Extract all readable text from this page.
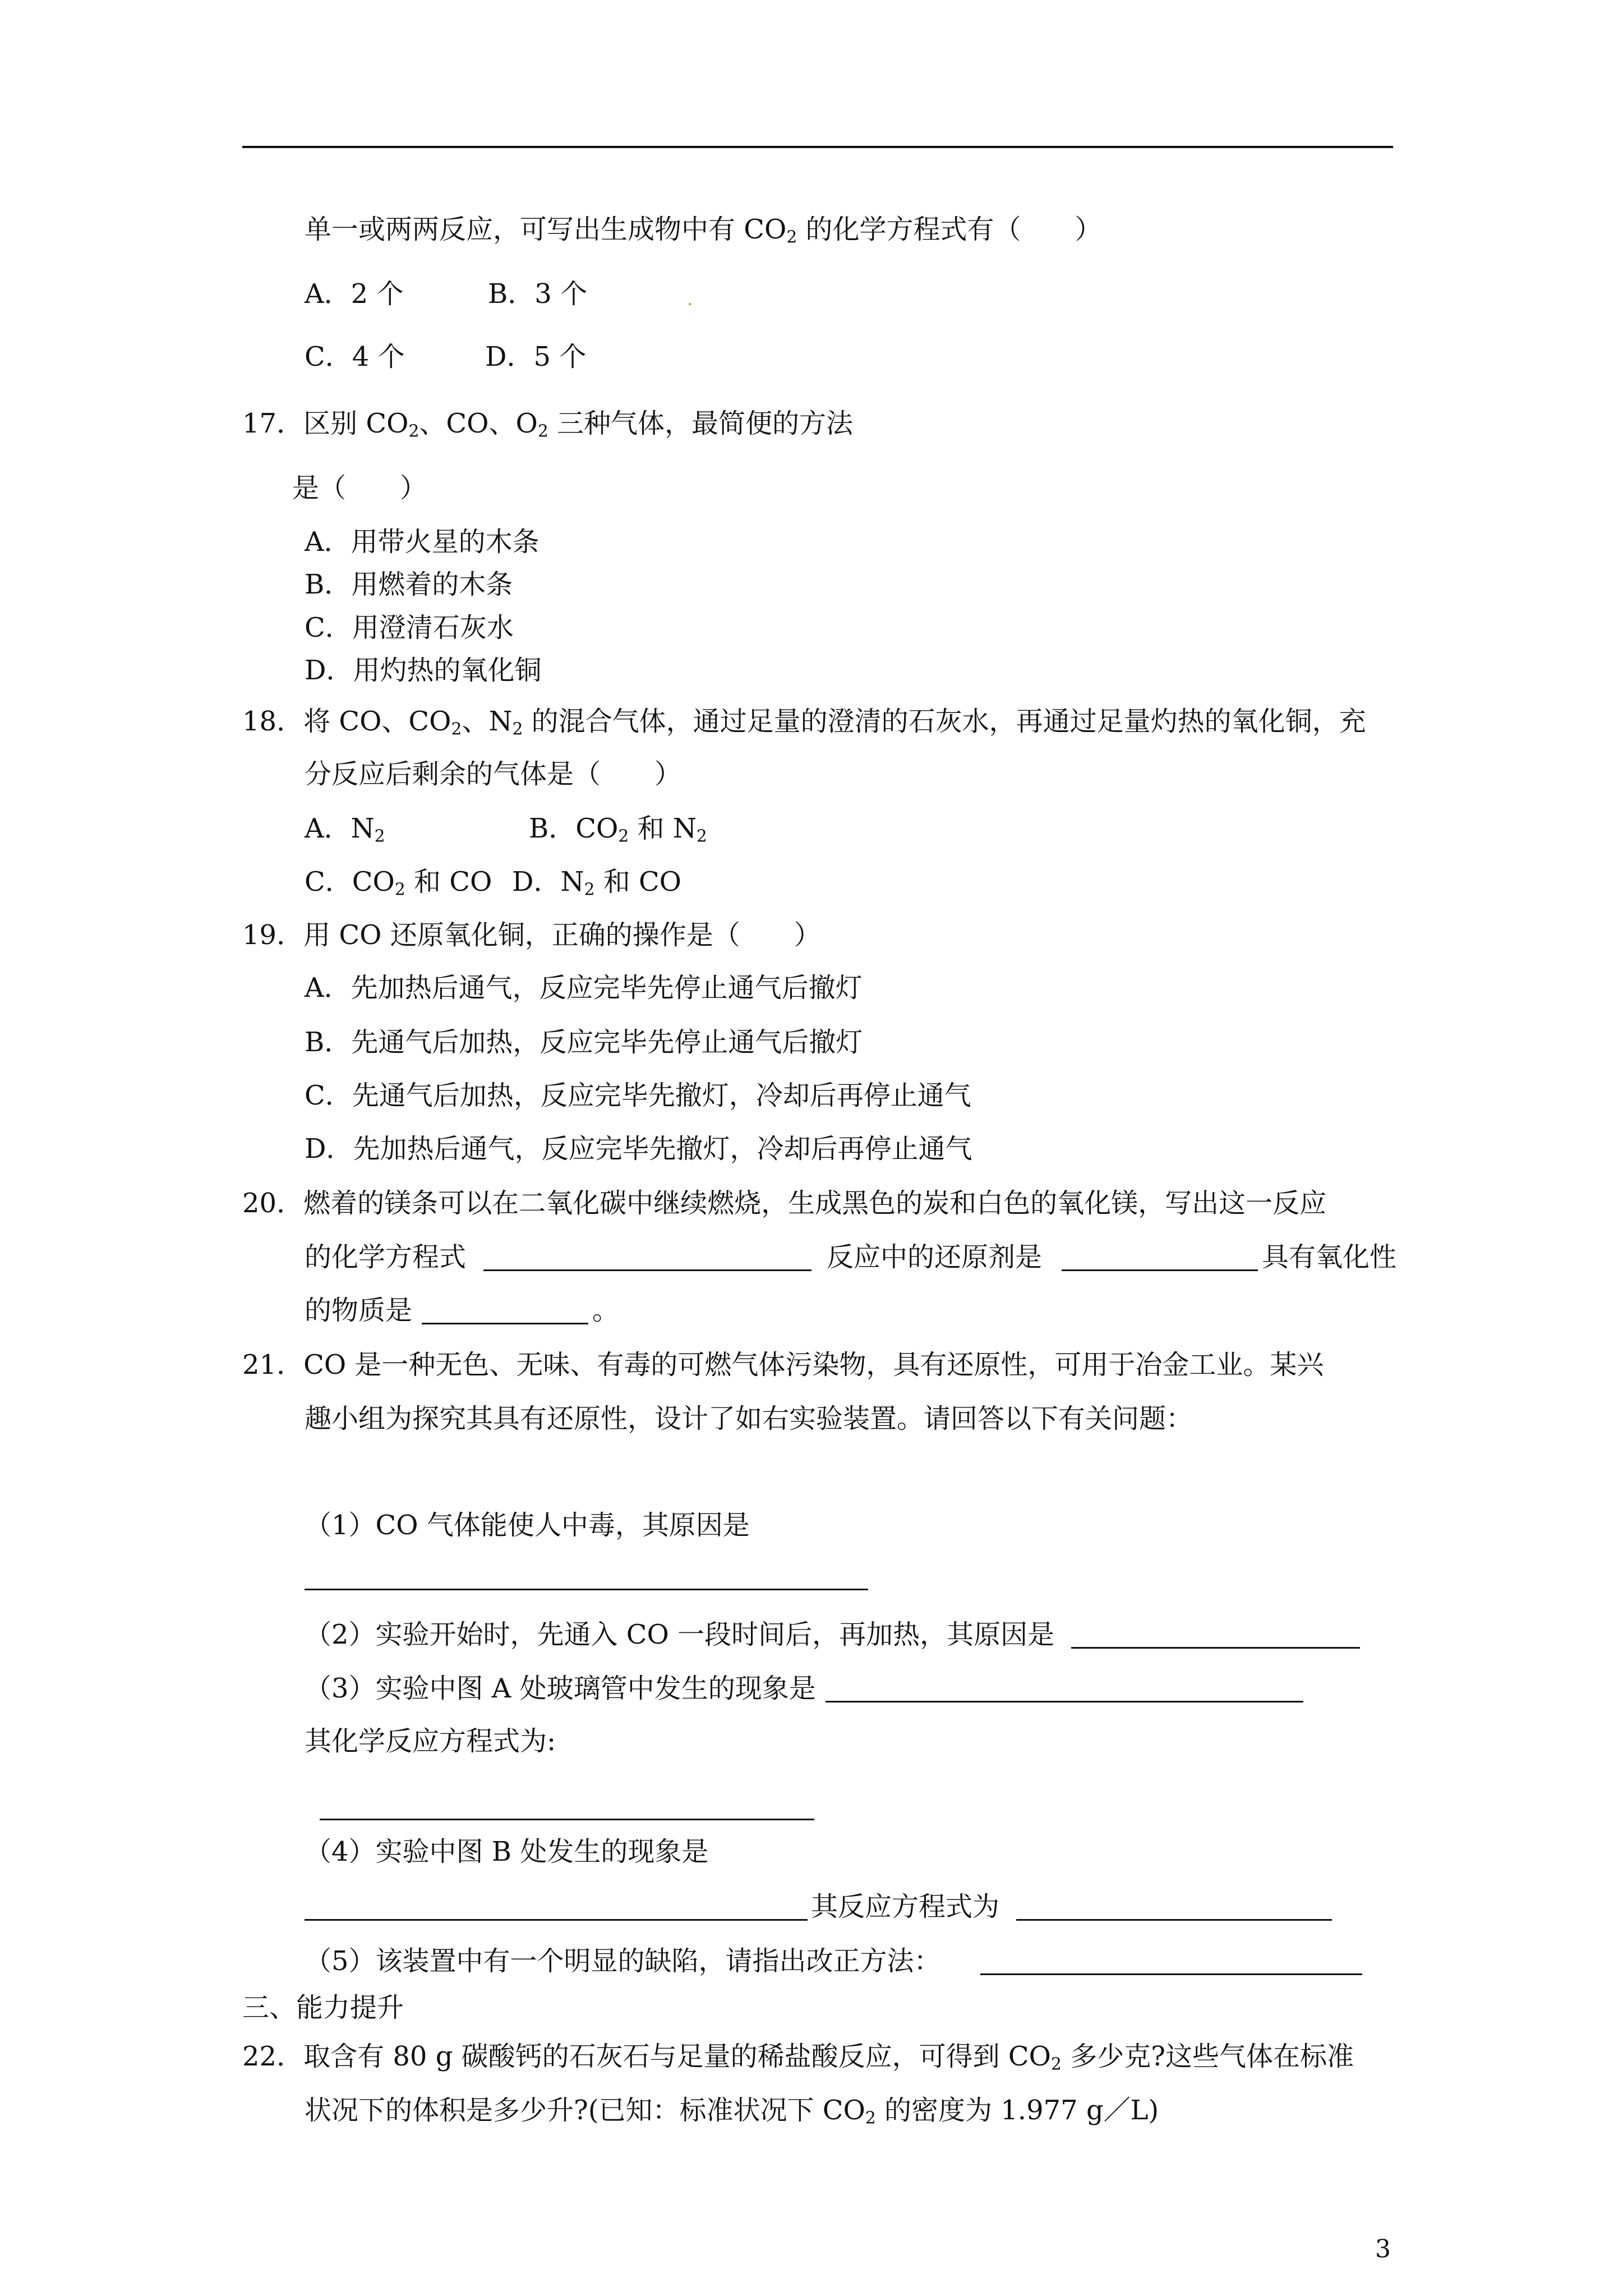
单一或两两反应，可写出生成物中有 $CO_2$ 的化学方程式有（　　）
A．2 个	B．3 个
C．4 个	D．5 个
17．区别 $CO_2$、CO、$O_2$ 三种气体，最简便的方法
是（　　）
A．用带火星的木条
B．用燃着的木条
C．用澄清石灰水
D．用灼热的氧化铜
18．将 CO、$CO_2$、$N_2$ 的混合气体，通过足量的澄清的石灰水，再通过足量灼热的氧化铜，充
分反应后剩余的气体是（　　）
A．$N_2$	B．$CO_2$ 和 $N_2$
C．$CO_2$ 和 CO D．$N_2$ 和 CO
19．用 CO 还原氧化铜，正确的操作是（　　）
A．先加热后通气，反应完毕先停止通气后撤灯
B．先通气后加热，反应完毕先停止通气后撤灯
C．先通气后加热，反应完毕先撤灯，冷却后再停止通气
D．先加热后通气，反应完毕先撤灯，冷却后再停止通气
20．燃着的镁条可以在二氧化碳中继续燃烧，生成黑色的炭和白色的氧化镁，写出这一反应
的化学方程式	反应中的还原剂是	具有氧化性
的物质是	。
21．CO 是一种无色、无味、有毒的可燃气体污染物，具有还原性，可用于冶金工业。某兴
趣小组为探究其具有还原性，设计了如右实验装置。请回答以下有关问题：
（1）CO 气体能使人中毒，其原因是
（2）实验开始时，先通入 CO 一段时间后，再加热，其原因是
（3）实验中图 A 处玻璃管中发生的现象是
其化学反应方程式为:
（4）实验中图 B 处发生的现象是
其反应方程式为
（5）该装置中有一个明显的缺陷，请指出改正方法：
三、能力提升
22．取含有 80 g 碳酸钙的石灰石与足量的稀盐酸反应，可得到 $CO_2$ 多少克?这些气体在标准
状况下的体积是多少升?(已知：标准状况下 $CO_2$ 的密度为 1.977 g／L)
3
